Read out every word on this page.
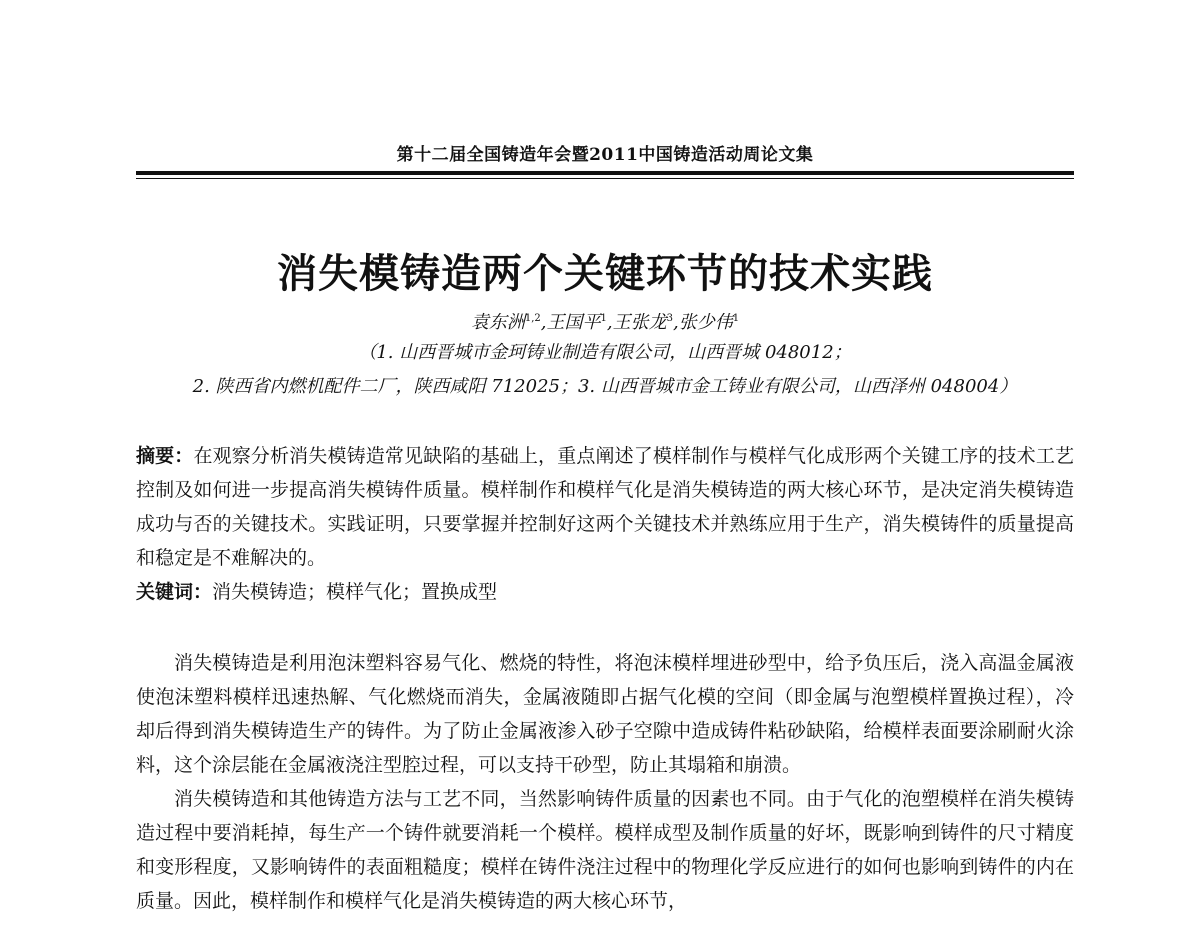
第十二届全国铸造年会暨2011中国铸造活动周论文集
消失模铸造两个关键环节的技术实践
袁东洲$^{1,2}$,王国平$^1$,王张龙$^3$,张少伟$^1$
（1. 山西晋城市金珂铸业制造有限公司，山西晋城 048012；
2. 陕西省内燃机配件二厂，陕西咸阳 712025；3. 山西晋城市金工铸业有限公司，山西泽州 048004）
摘要：在观察分析消失模铸造常见缺陷的基础上，重点阐述了模样制作与模样气化成形两个关键工序的技术工艺控制及如何进一步提高消失模铸件质量。模样制作和模样气化是消失模铸造的两大核心环节，是决定消失模铸造成功与否的关键技术。实践证明，只要掌握并控制好这两个关键技术并熟练应用于生产，消失模铸件的质量提高和稳定是不难解决的。
关键词：消失模铸造；模样气化；置换成型

消失模铸造是利用泡沫塑料容易气化、燃烧的特性，将泡沫模样埋进砂型中，给予负压后，浇入高温金属液使泡沫塑料模样迅速热解、气化燃烧而消失，金属液随即占据气化模的空间（即金属与泡塑模样置换过程），冷却后得到消失模铸造生产的铸件。为了防止金属液渗入砂子空隙中造成铸件粘砂缺陷，给模样表面要涂刷耐火涂料，这个涂层能在金属液浇注型腔过程，可以支持干砂型，防止其塌箱和崩溃。

消失模铸造和其他铸造方法与工艺不同，当然影响铸件质量的因素也不同。由于气化的泡塑模样在消失模铸造过程中要消耗掉，每生产一个铸件就要消耗一个模样。模样成型及制作质量的好坏，既影响到铸件的尺寸精度和变形程度，又影响铸件的表面粗糙度；模样在铸件浇注过程中的物理化学反应进行的如何也影响到铸件的内在质量。因此，模样制作和模样气化是消失模铸造的两大核心环节，
